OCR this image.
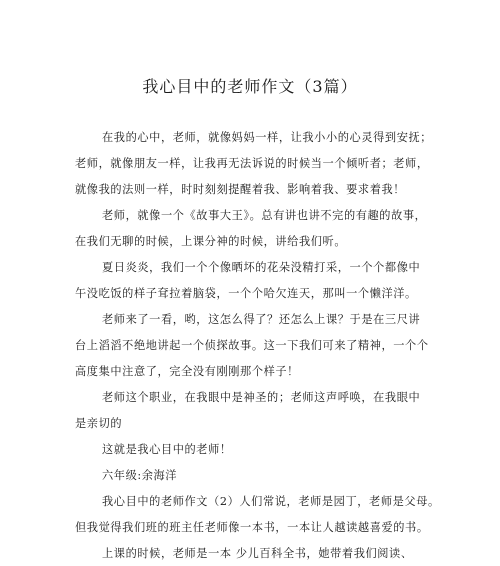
我心目中的老师作文（3篇）
在我的心中，老师，就像妈妈一样，让我小小的心灵得到安抚；
老师，就像朋友一样，让我再无法诉说的时候当一个倾听者；老师，
就像我的法则一样，时时刻刻提醒着我、影响着我、要求着我！
老师，就像一个《故事大王》。总有讲也讲不完的有趣的故事，
在我们无聊的时候，上课分神的时候，讲给我们听。
夏日炎炎，我们一个个像晒坏的花朵没精打采，一个个都像中
午没吃饭的样子耷拉着脑袋，一个个哈欠连天，那叫一个懒洋洋。
老师来了一看，哟，这怎么得了？还怎么上课？于是在三尺讲
台上滔滔不绝地讲起一个侦探故事。这一下我们可来了精神，一个个
高度集中注意了，完全没有刚刚那个样子！
老师这个职业，在我眼中是神圣的；老师这声呼唤，在我眼中
是亲切的
这就是我心目中的老师！
六年级:余海洋
我心目中的老师作文（2）人们常说，老师是园丁，老师是父母。
但我觉得我们班的班主任老师像一本书，一本让人越读越喜爱的书。
上课的时候，老师是一本 少儿百科全书，她带着我们阅读、
